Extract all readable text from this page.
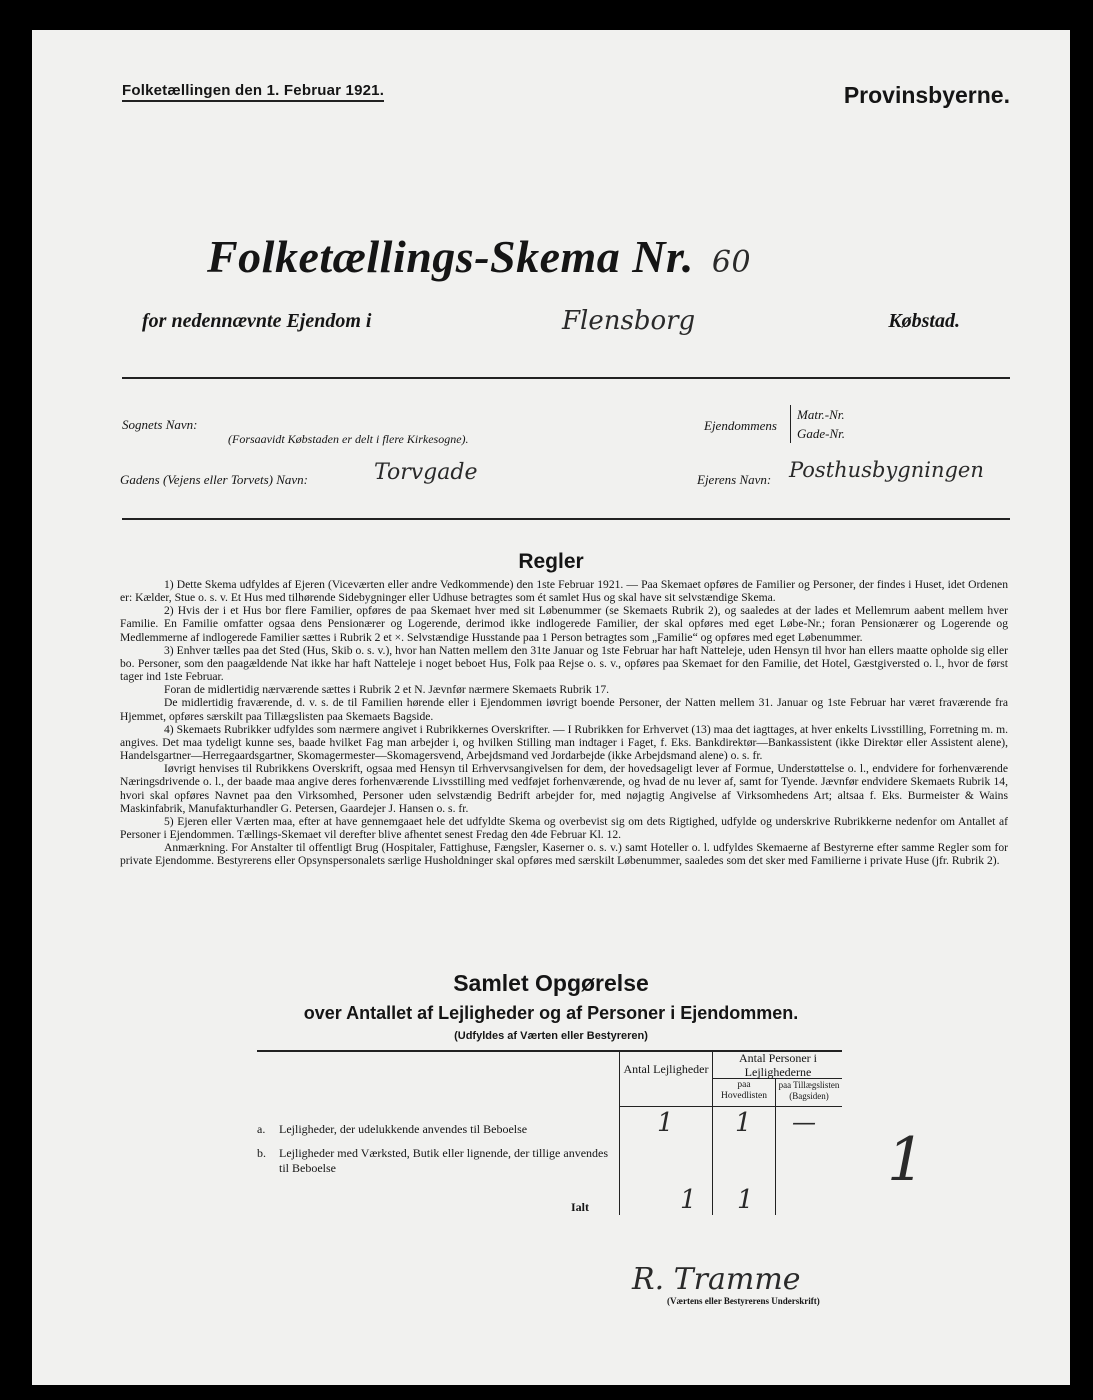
Folketællingen den 1. Februar 1921.	Provinsbyerne.
Folketællings-Skema Nr. 60
for nedennævnte Ejendom i	Flensborg	Købstad.
Sognets Navn:
(Forsaavidt Købstaden er delt i flere Kirkesogne).
Gadens (Vejens eller Torvets) Navn:	Torvgade
Ejendommens
Matr.-Nr.
Gade-Nr.
Ejerens Navn: Posthusbygningen
Regler

1) Dette Skema udfyldes af Ejeren (Viceværten eller andre Vedkommende) den 1ste Februar 1921. — Paa Skemaet opføres de Familier og Personer, der findes i Huset, idet Ordenen er: Kælder, Stue o. s. v. Et Hus med tilhørende Sidebygninger eller Udhuse betragtes som ét samlet Hus og skal have sit selvstændige Skema.

2) Hvis der i et Hus bor flere Familier, opføres de paa Skemaet hver med sit Løbenummer (se Skemaets Rubrik 2), og saaledes at der lades et Mellemrum aabent mellem hver Familie. En Familie omfatter ogsaa dens Pensionærer og Logerende, derimod ikke indlogerede Familier, der skal opføres med eget Løbe-Nr.; foran Pensionærer og Logerende og Medlemmerne af indlogerede Familier sættes i Rubrik 2 et ×. Selvstændige Husstande paa 1 Person betragtes som „Familie“ og opføres med eget Løbenummer.

3) Enhver tælles paa det Sted (Hus, Skib o. s. v.), hvor han Natten mellem den 31te Januar og 1ste Februar har haft Natteleje, uden Hensyn til hvor han ellers maatte opholde sig eller bo. Personer, som den paagældende Nat ikke har haft Natteleje i noget beboet Hus, Folk paa Rejse o. s. v., opføres paa Skemaet for den Familie, det Hotel, Gæstgiversted o. l., hvor de først tager ind 1ste Februar.

Foran de midlertidig nærværende sættes i Rubrik 2 et N. Jævnfør nærmere Skemaets Rubrik 17.

De midlertidig fraværende, d. v. s. de til Familien hørende eller i Ejendommen iøvrigt boende Personer, der Natten mellem 31. Januar og 1ste Februar har været fraværende fra Hjemmet, opføres særskilt paa Tillægslisten paa Skemaets Bagside.

4) Skemaets Rubrikker udfyldes som nærmere angivet i Rubrikkernes Overskrifter. — I Rubrikken for Erhvervet (13) maa det iagttages, at hver enkelts Livsstilling, Forretning m. m. angives. Det maa tydeligt kunne ses, baade hvilket Fag man arbejder i, og hvilken Stilling man indtager i Faget, f. Eks. Bankdirektør—Bankassistent (ikke Direktør eller Assistent alene), Handelsgartner—Herregaardsgartner, Skomagermester—Skomagersvend, Arbejdsmand ved Jordarbejde (ikke Arbejdsmand alene) o. s. fr.

Iøvrigt henvises til Rubrikkens Overskrift, ogsaa med Hensyn til Erhvervsangivelsen for dem, der hovedsageligt lever af Formue, Understøttelse o. l., endvidere for forhenværende Næringsdrivende o. l., der baade maa angive deres forhenværende Livsstilling med vedføjet forhenværende, og hvad de nu lever af, samt for Tyende. Jævnfør endvidere Skemaets Rubrik 14, hvori skal opføres Navnet paa den Virksomhed, Personer uden selvstændig Bedrift arbejder for, med nøjagtig Angivelse af Virksomhedens Art; altsaa f. Eks. Burmeister & Wains Maskinfabrik, Manufakturhandler G. Petersen, Gaardejer J. Hansen o. s. fr.

5) Ejeren eller Værten maa, efter at have gennemgaaet hele det udfyldte Skema og overbevist sig om dets Rigtighed, udfylde og underskrive Rubrikkerne nedenfor om Antallet af Personer i Ejendommen. Tællings-Skemaet vil derefter blive afhentet senest Fredag den 4de Februar Kl. 12.

Anmærkning. For Anstalter til offentligt Brug (Hospitaler, Fattighuse, Fængsler, Kaserner o. s. v.) samt Hoteller o. l. udfyldes Skemaerne af Bestyrerne efter samme Regler som for private Ejendomme. Bestyrerens eller Opsynspersonalets særlige Husholdninger skal opføres med særskilt Løbenummer, saaledes som det sker med Familierne i private Huse (jfr. Rubrik 2).

Samlet Opgørelse
over Antallet af Lejligheder og af Personer i Ejendommen.
(Udfyldes af Værten eller Bestyreren)
Antal Lejligheder
Antal Personer i Lejlighederne
paa Hovedlisten
paa Tillægslisten (Bagsiden)
a. Lejligheder, der udelukkende anvendes til Beboelse	1 1 —
b. Lejligheder med Værksted, Butik eller lignende, der tillige anvendes til Beboelse
Ialt	1 1
1
R. Tramme
(Værtens eller Bestyrerens Underskrift)
